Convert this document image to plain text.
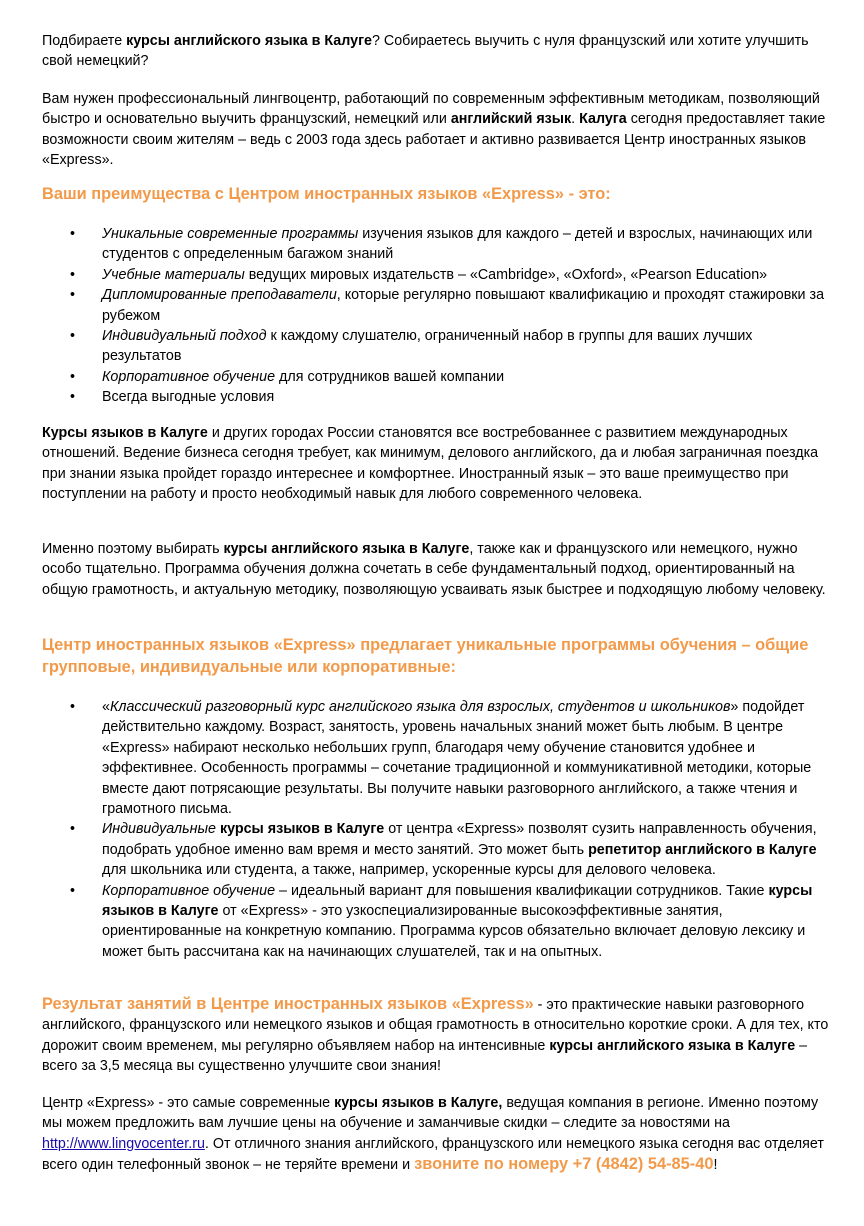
Подбираете курсы английского языка в Калуге? Собираетесь выучить с нуля французский или хотите улучшить свой немецкий?

Вам нужен профессиональный лингвоцентр, работающий по современным эффективным методикам, позволяющий быстро и основательно выучить французский, немецкий или английский язык. Калуга сегодня предоставляет такие возможности своим жителям – ведь с 2003 года здесь работает и активно развивается Центр иностранных языков «Express».

Ваши преимущества с Центром иностранных языков «Express» - это:
• Уникальные современные программы изучения языков для каждого – детей и взрослых, начинающих или студентов с определенным багажом знаний
• Учебные материалы ведущих мировых издательств – «Cambridge», «Oxford», «Pearson Education»
• Дипломированные преподаватели, которые регулярно повышают квалификацию и проходят стажировки за рубежом
• Индивидуальный подход к каждому слушателю, ограниченный набор в группы для ваших лучших результатов
• Корпоративное обучение для сотрудников вашей компании
• Всегда выгодные условия

Курсы языков в Калуге и других городах России становятся все востребованнее с развитием международных отношений. Ведение бизнеса сегодня требует, как минимум, делового английского, да и любая заграничная поездка при знании языка пройдет гораздо интереснее и комфортнее. Иностранный язык – это ваше преимущество при поступлении на работу и просто необходимый навык для любого современного человека.

Именно поэтому выбирать курсы английского языка в Калуге, также как и французского или немецкого, нужно особо тщательно. Программа обучения должна сочетать в себе фундаментальный подход, ориентированный на общую грамотность, и актуальную методику, позволяющую усваивать язык быстрее и подходящую любому человеку.

Центр иностранных языков «Express» предлагает уникальные программы обучения – общие групповые, индивидуальные или корпоративные:
• «Классический разговорный курс английского языка для взрослых, студентов и школьников» подойдет действительно каждому. Возраст, занятость, уровень начальных знаний может быть любым. В центре «Express» набирают несколько небольших групп, благодаря чему обучение становится удобнее и эффективнее. Особенность программы – сочетание традиционной и коммуникативной методики, которые вместе дают потрясающие результаты. Вы получите навыки разговорного английского, а также чтения и грамотного письма.
• Индивидуальные курсы языков в Калуге от центра «Express» позволят сузить направленность обучения, подобрать удобное именно вам время и место занятий. Это может быть репетитор английского в Калуге для школьника или студента, а также, например, ускоренные курсы для делового человека.
• Корпоративное обучение – идеальный вариант для повышения квалификации сотрудников. Такие курсы языков в Калуге от «Express» - это узкоспециализированные высокоэффективные занятия, ориентированные на конкретную компанию. Программа курсов обязательно включает деловую лексику и может быть рассчитана как на начинающих слушателей, так и на опытных.

Результат занятий в Центре иностранных языков «Express» - это практические навыки разговорного английского, французского или немецкого языков и общая грамотность в относительно короткие сроки. А для тех, кто дорожит своим временем, мы регулярно объявляем набор на интенсивные курсы английского языка в Калуге – всего за 3,5 месяца вы существенно улучшите свои знания!

Центр «Express» - это самые современные курсы языков в Калуге, ведущая компания в регионе. Именно поэтому мы можем предложить вам лучшие цены на обучение и заманчивые скидки – следите за новостями на http://www.lingvocenter.ru. От отличного знания английского, французского или немецкого языка сегодня вас отделяет всего один телефонный звонок – не теряйте времени и звоните по номеру +7 (4842) 54-85-40!
